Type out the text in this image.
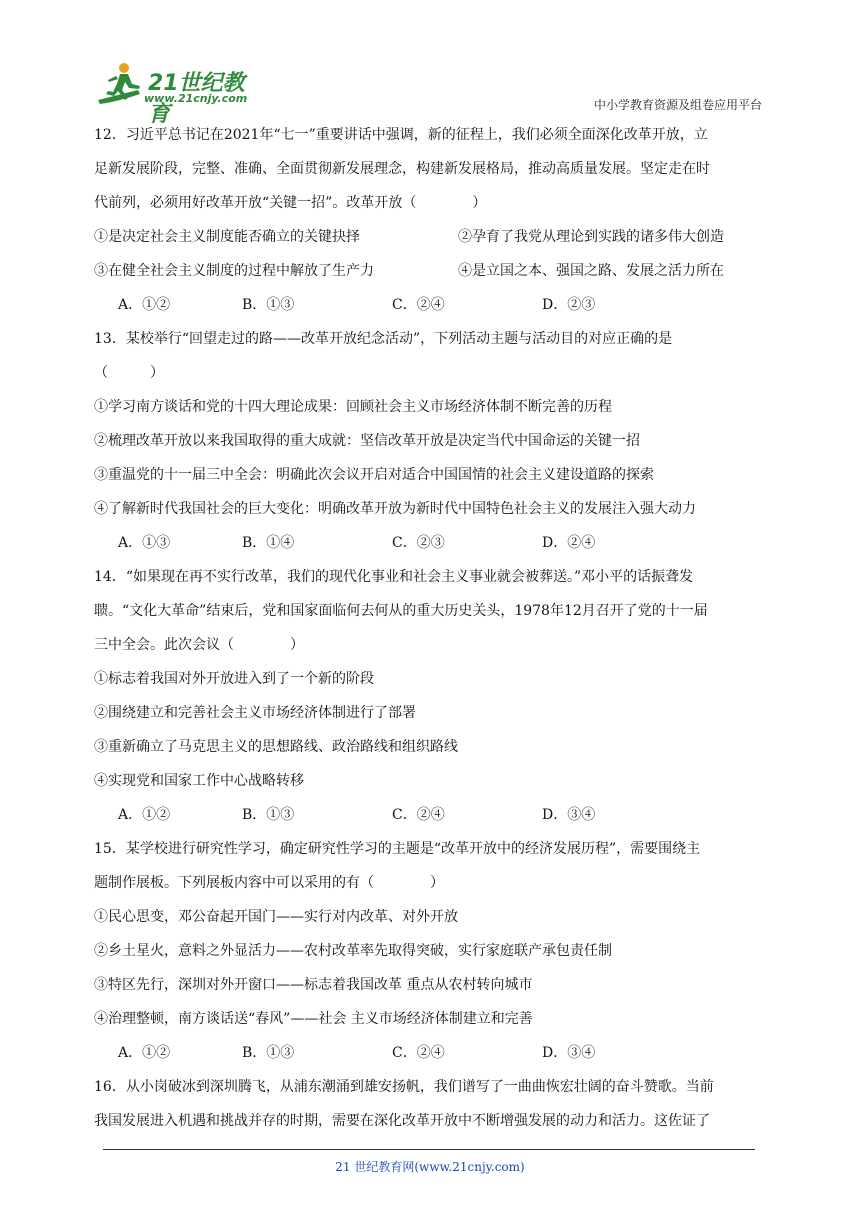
21世纪教育
www.21cnjy.com	中小学教育资源及组卷应用平台
12．习近平总书记在2021年“七一”重要讲话中强调，新的征程上，我们必须全面深化改革开放，立
足新发展阶段，完整、准确、全面贯彻新发展理念，构建新发展格局，推动高质量发展。坚定走在时
代前列，必须用好改革开放“关键一招”。改革开放（　　　　）
①是决定社会主义制度能否确立的关键抉择　　　　　　　②孕育了我党从理论到实践的诸多伟大创造
③在健全社会主义制度的过程中解放了生产力　　　　　　④是立国之本、强国之路、发展之活力所在
A．①②	B．①③	C．②④	D．②③
13．某校举行“回望走过的路——改革开放纪念活动”，下列活动主题与活动目的对应正确的是
（　　　）
①学习南方谈话和党的十四大理论成果：回顾社会主义市场经济体制不断完善的历程
②梳理改革开放以来我国取得的重大成就：坚信改革开放是决定当代中国命运的关键一招
③重温党的十一届三中全会：明确此次会议开启对适合中国国情的社会主义建设道路的探索
④了解新时代我国社会的巨大变化：明确改革开放为新时代中国特色社会主义的发展注入强大动力
A．①③	B．①④	C．②③	D．②④
14．“如果现在再不实行改革，我们的现代化事业和社会主义事业就会被葬送。”邓小平的话振聋发
聩。“文化大革命”结束后，党和国家面临何去何从的重大历史关头，1978年12月召开了党的十一届
三中全会。此次会议（　　　　）
①标志着我国对外开放进入到了一个新的阶段
②围绕建立和完善社会主义市场经济体制进行了部署
③重新确立了马克思主义的思想路线、政治路线和组织路线
④实现党和国家工作中心战略转移
A．①②	B．①③	C．②④	D．③④
15．某学校进行研究性学习，确定研究性学习的主题是“改革开放中的经济发展历程”，需要围绕主
题制作展板。下列展板内容中可以采用的有（　　　　）
①民心思变，邓公奋起开国门——实行对内改革、对外开放
②乡土星火，意料之外显活力——农村改革率先取得突破，实行家庭联产承包责任制
③特区先行，深圳对外开窗口——标志着我国改革 重点从农村转向城市
④治理整顿，南方谈话送“春风”——社会 主义市场经济体制建立和完善
A．①②	B．①③	C．②④	D．③④
16．从小岗破冰到深圳腾飞，从浦东潮涌到雄安扬帆，我们谱写了一曲曲恢宏壮阔的奋斗赞歌。当前
我国发展进入机遇和挑战并存的时期，需要在深化改革开放中不断增强发展的动力和活力。这佐证了
21 世纪教育网(www.21cnjy.com)
